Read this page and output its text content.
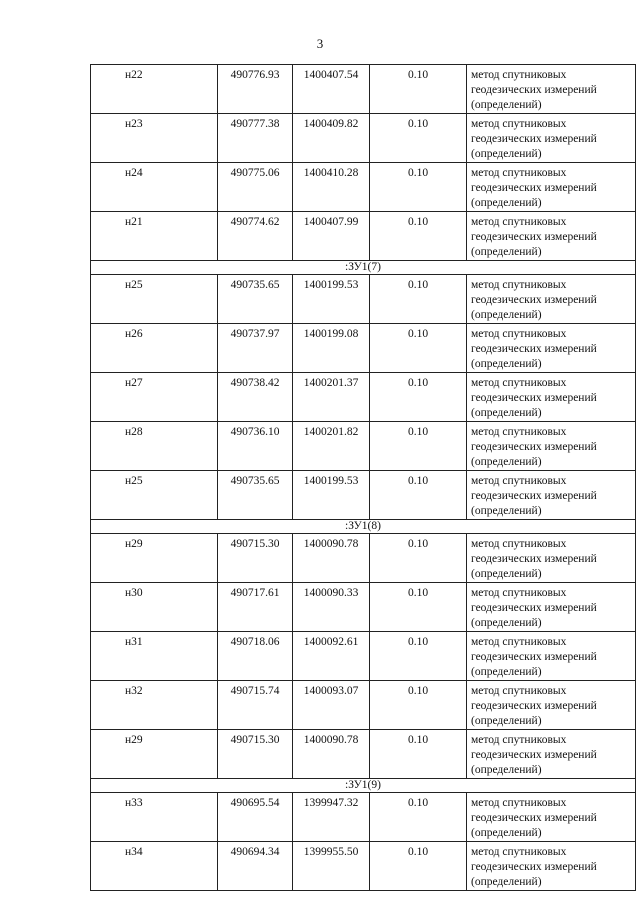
3
н22	490776.93	1400407.54	0.10	метод спутниковых
геодезических измерений
(определений)
н23	490777.38	1400409.82	0.10	метод спутниковых
геодезических измерений
(определений)
н24	490775.06	1400410.28	0.10	метод спутниковых
геодезических измерений
(определений)
н21	490774.62	1400407.99	0.10	метод спутниковых
геодезических измерений
(определений)
:ЗУ1(7)				
н25	490735.65	1400199.53	0.10	метод спутниковых
геодезических измерений
(определений)
н26	490737.97	1400199.08	0.10	метод спутниковых
геодезических измерений
(определений)
н27	490738.42	1400201.37	0.10	метод спутниковых
геодезических измерений
(определений)
н28	490736.10	1400201.82	0.10	метод спутниковых
геодезических измерений
(определений)
н25	490735.65	1400199.53	0.10	метод спутниковых
геодезических измерений
(определений)
:ЗУ1(8)				
н29	490715.30	1400090.78	0.10	метод спутниковых
геодезических измерений
(определений)
н30	490717.61	1400090.33	0.10	метод спутниковых
геодезических измерений
(определений)
н31	490718.06	1400092.61	0.10	метод спутниковых
геодезических измерений
(определений)
н32	490715.74	1400093.07	0.10	метод спутниковых
геодезических измерений
(определений)
н29	490715.30	1400090.78	0.10	метод спутниковых
геодезических измерений
(определений)
:ЗУ1(9)				
н33	490695.54	1399947.32	0.10	метод спутниковых
геодезических измерений
(определений)
н34	490694.34	1399955.50	0.10	метод спутниковых
геодезических измерений
(определений)
